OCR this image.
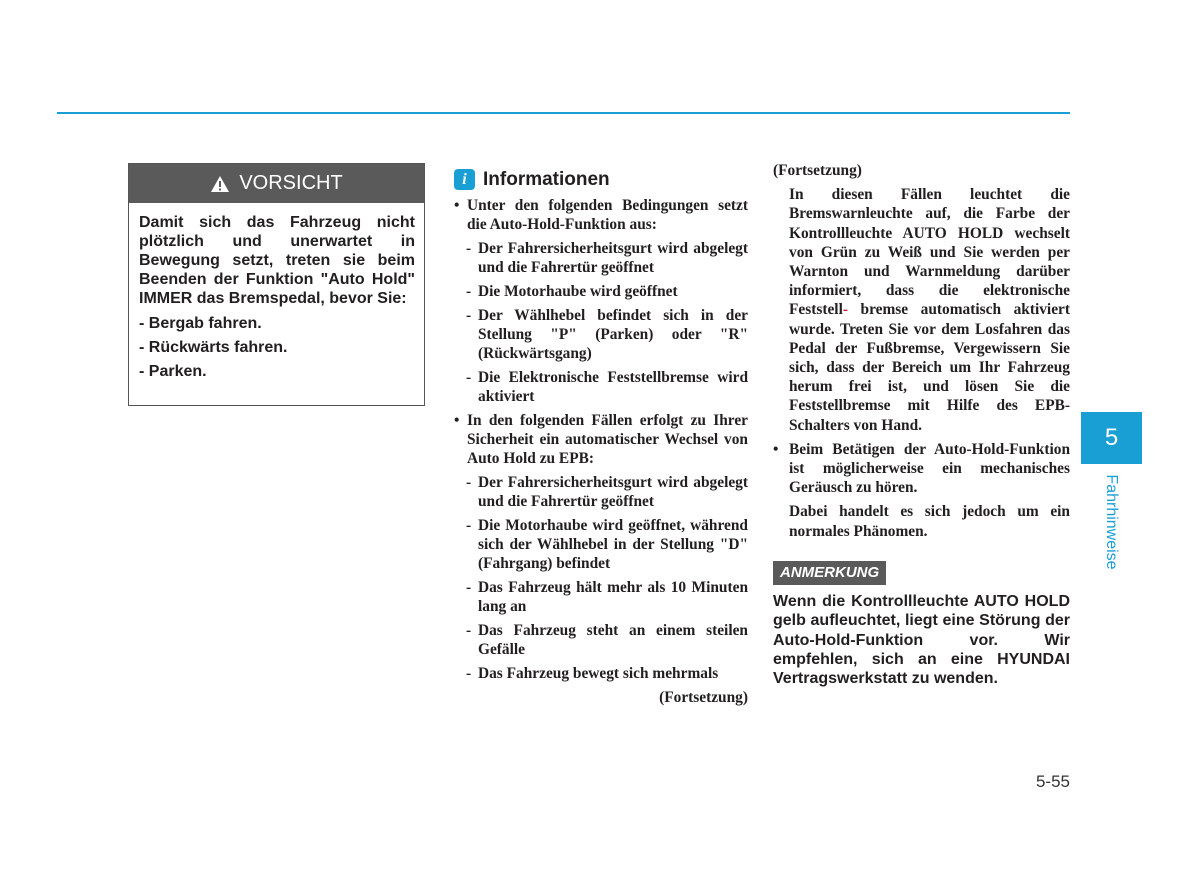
VORSICHT

Damit sich das Fahrzeug nicht plötzlich und unerwartet in Bewegung setzt, treten sie beim Beenden der Funktion "Auto Hold" IMMER das Bremspedal, bevor Sie:

- Bergab fahren.
- Rückwärts fahren.
- Parken.
i Informationen
• Unter den folgenden Bedingungen setzt die Auto-Hold-Funktion aus:
- Der Fahrersicherheitsgurt wird abgelegt und die Fahrertür geöffnet
- Die Motorhaube wird geöffnet
- Der Wählhebel befindet sich in der Stellung "P" (Parken) oder "R" (Rückwärtsgang)
- Die Elektronische Feststellbremse wird aktiviert
• In den folgenden Fällen erfolgt zu Ihrer Sicherheit ein automatischer Wechsel von Auto Hold zu EPB:
- Der Fahrersicherheitsgurt wird abgelegt und die Fahrertür geöffnet
- Die Motorhaube wird geöffnet, während sich der Wählhebel in der Stellung "D" (Fahrgang) befindet
- Das Fahrzeug hält mehr als 10 Minuten lang an
- Das Fahrzeug steht an einem steilen Gefälle
- Das Fahrzeug bewegt sich mehrmals
(Fortsetzung)
(Fortsetzung)
In diesen Fällen leuchtet die Bremswarnleuchte auf, die Farbe der Kontrollleuchte AUTO HOLD wechselt von Grün zu Weiß und Sie werden per Warnton und Warnmeldung darüber informiert, dass die elektronische Feststell- bremse automatisch aktiviert wurde. Treten Sie vor dem Losfahren das Pedal der Fußbremse, Vergewissern Sie sich, dass der Bereich um Ihr Fahrzeug herum frei ist, und lösen Sie die Feststellbremse mit Hilfe des EPB-Schalters von Hand.
• Beim Betätigen der Auto-Hold-Funktion ist möglicherweise ein mechanisches Geräusch zu hören.
Dabei handelt es sich jedoch um ein normales Phänomen.
ANMERKUNG
Wenn die Kontrollleuchte AUTO HOLD gelb aufleuchtet, liegt eine Störung der Auto-Hold-Funktion vor. Wir empfehlen, sich an eine HYUNDAI Vertragswerkstatt zu wenden.
5
Fahrhinweise
5-55
